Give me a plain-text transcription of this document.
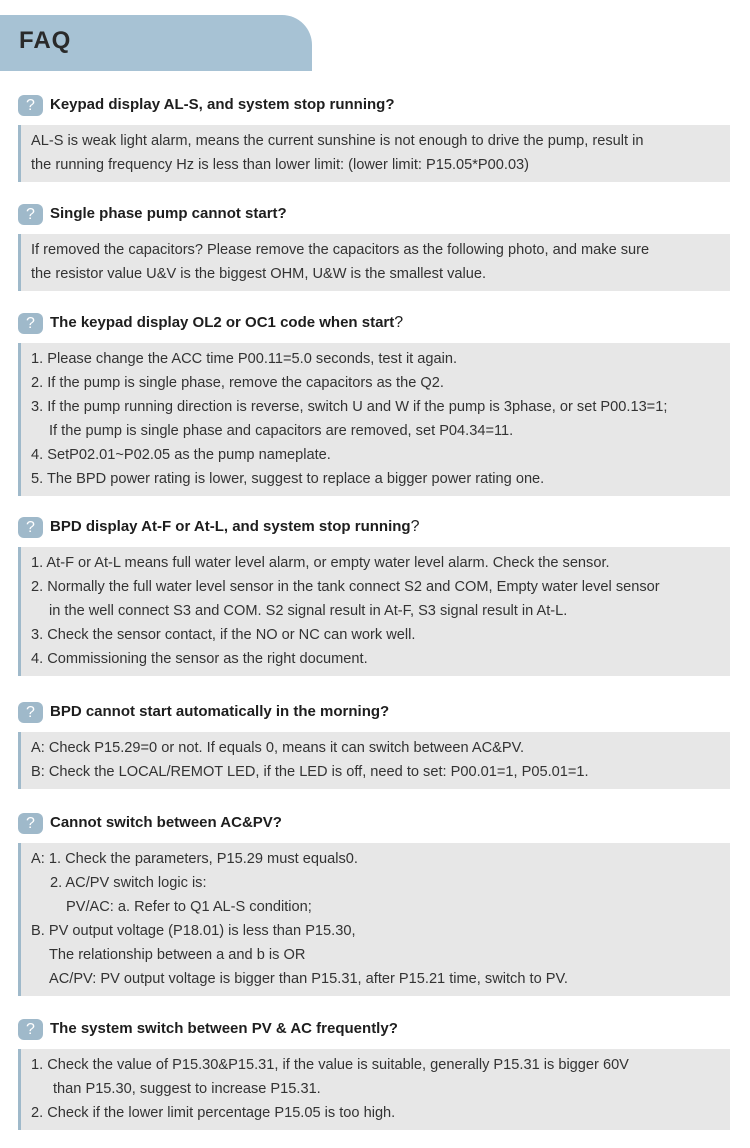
FAQ
?	Keypad display AL-S, and system stop running?
AL-S is weak light alarm, means the current sunshine is not enough to drive the pump, result in
the running frequency Hz is less than lower limit: (lower limit: P15.05*P00.03)
?	Single phase pump cannot start?
If removed the capacitors? Please remove the capacitors as the following photo, and make sure
the resistor value U&V is the biggest OHM, U&W is the smallest value.
?	The keypad display OL2 or OC1 code when start?
1. Please change the ACC time P00.11=5.0 seconds, test it again.
2. If the pump is single phase, remove the capacitors as the Q2.
3. If the pump running direction is reverse, switch U and W if the pump is 3phase, or set P00.13=1;
If the pump is single phase and capacitors are removed, set P04.34=11.
4. SetP02.01~P02.05 as the pump nameplate.
5. The BPD power rating is lower, suggest to replace a bigger power rating one.
?	BPD display At-F or At-L, and system stop running?
1. At-F or At-L means full water level alarm, or empty water level alarm. Check the sensor.
2. Normally the full water level sensor in the tank connect S2 and COM, Empty water level sensor
in the well connect S3 and COM. S2 signal result in At-F, S3 signal result in At-L.
3. Check the sensor contact, if the NO or NC can work well.
4. Commissioning the sensor as the right document.
?	BPD cannot start automatically in the morning?
A: Check P15.29=0 or not. If equals 0, means it can switch between AC&PV.
B: Check the LOCAL/REMOT LED, if the LED is off, need to set: P00.01=1, P05.01=1.
?	Cannot switch between AC&PV?
A: 1. Check the parameters, P15.29 must equals0.
2. AC/PV switch logic is:
PV/AC: a. Refer to Q1 AL-S condition;
B. PV output voltage (P18.01) is less than P15.30,
The relationship between a and b is OR
AC/PV: PV output voltage is bigger than P15.31, after P15.21 time, switch to PV.
?	The system switch between PV & AC frequently?
1. Check the value of P15.30&P15.31, if the value is suitable, generally P15.31 is bigger 60V
than P15.30, suggest to increase P15.31.
2. Check if the lower limit percentage P15.05 is too high.
